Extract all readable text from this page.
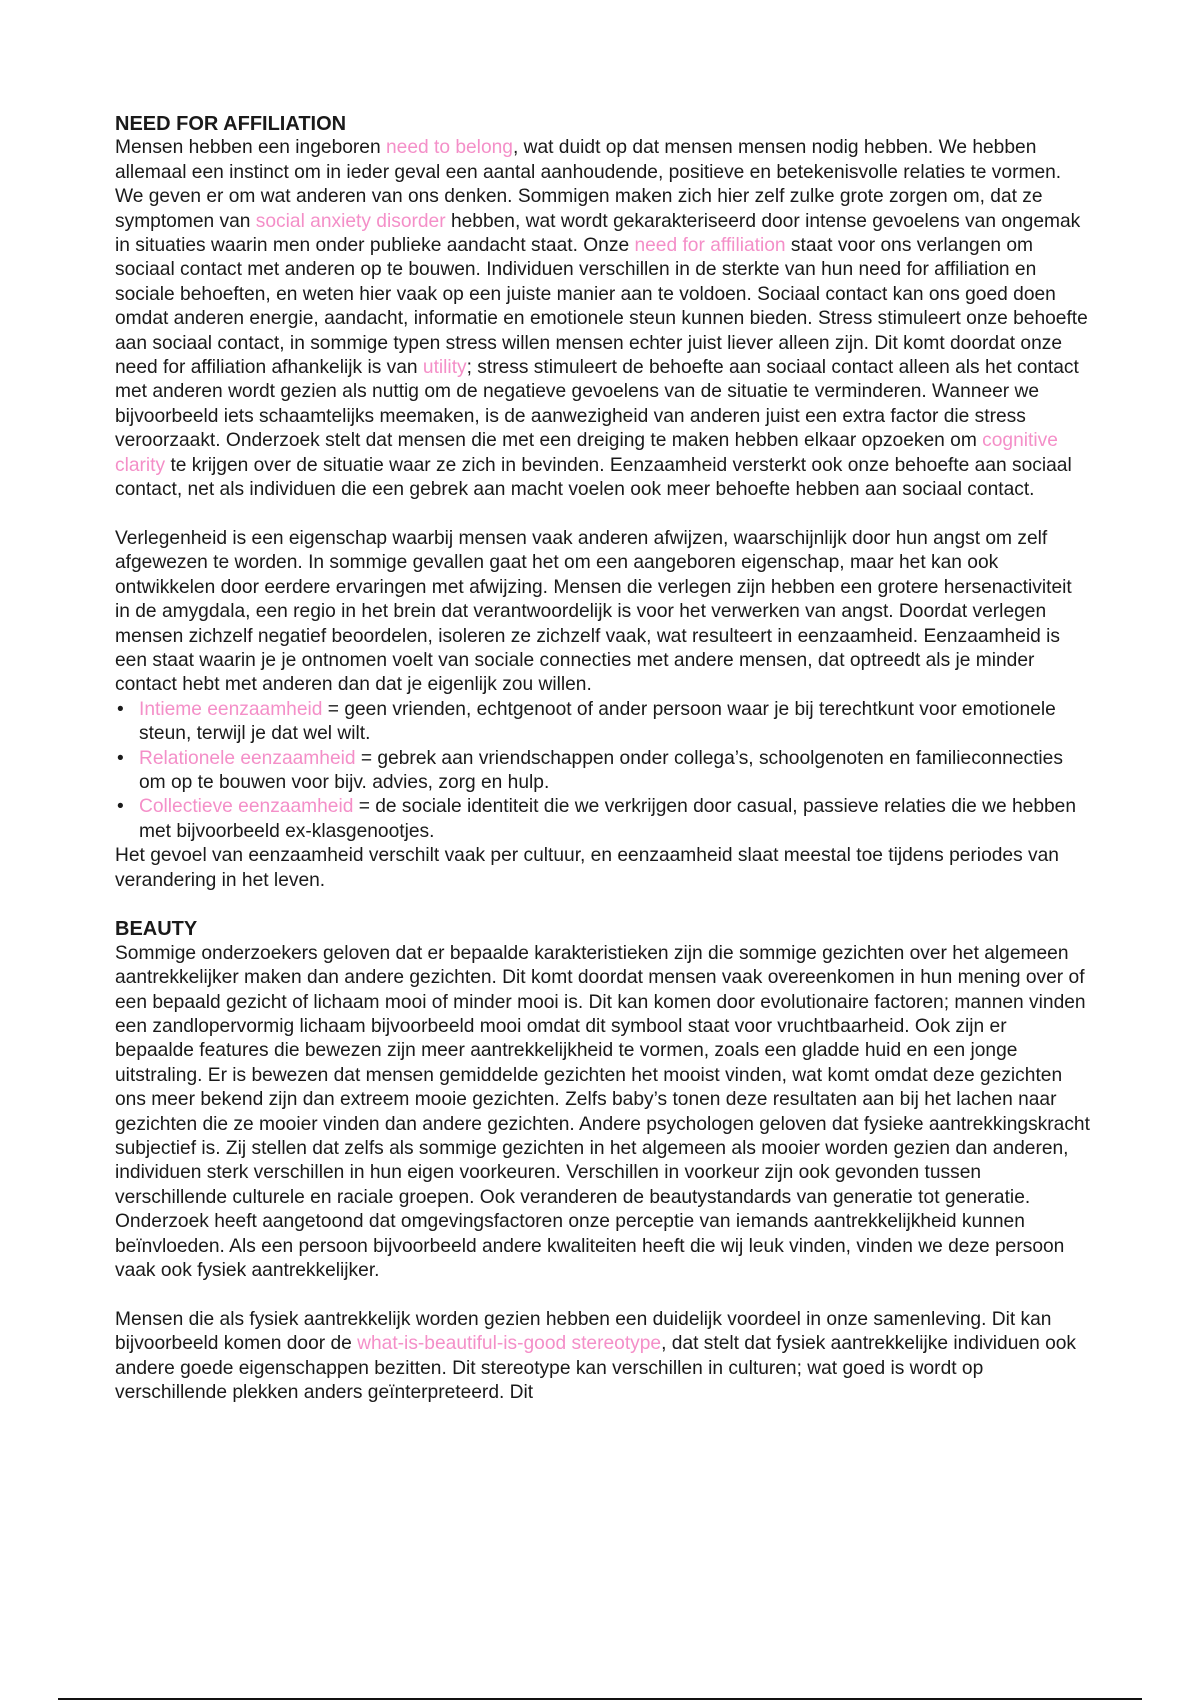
NEED FOR AFFILIATION

Mensen hebben een ingeboren need to belong, wat duidt op dat mensen mensen nodig hebben. We hebben allemaal een instinct om in ieder geval een aantal aanhoudende, positieve en betekenisvolle relaties te vormen. We geven er om wat anderen van ons denken. Sommigen maken zich hier zelf zulke grote zorgen om, dat ze symptomen van social anxiety disorder hebben, wat wordt gekarakteriseerd door intense gevoelens van ongemak in situaties waarin men onder publieke aandacht staat. Onze need for affiliation staat voor ons verlangen om sociaal contact met anderen op te bouwen. Individuen verschillen in de sterkte van hun need for affiliation en sociale behoeften, en weten hier vaak op een juiste manier aan te voldoen. Sociaal contact kan ons goed doen omdat anderen energie, aandacht, informatie en emotionele steun kunnen bieden. Stress stimuleert onze behoefte aan sociaal contact, in sommige typen stress willen mensen echter juist liever alleen zijn. Dit komt doordat onze need for affiliation afhankelijk is van utility; stress stimuleert de behoefte aan sociaal contact alleen als het contact met anderen wordt gezien als nuttig om de negatieve gevoelens van de situatie te verminderen. Wanneer we bijvoorbeeld iets schaamtelijks meemaken, is de aanwezigheid van anderen juist een extra factor die stress veroorzaakt. Onderzoek stelt dat mensen die met een dreiging te maken hebben elkaar opzoeken om cognitive clarity te krijgen over de situatie waar ze zich in bevinden. Eenzaamheid versterkt ook onze behoefte aan sociaal contact, net als individuen die een gebrek aan macht voelen ook meer behoefte hebben aan sociaal contact.

Verlegenheid is een eigenschap waarbij mensen vaak anderen afwijzen, waarschijnlijk door hun angst om zelf afgewezen te worden. In sommige gevallen gaat het om een aangeboren eigenschap, maar het kan ook ontwikkelen door eerdere ervaringen met afwijzing. Mensen die verlegen zijn hebben een grotere hersenactiviteit in de amygdala, een regio in het brein dat verantwoordelijk is voor het verwerken van angst. Doordat verlegen mensen zichzelf negatief beoordelen, isoleren ze zichzelf vaak, wat resulteert in eenzaamheid. Eenzaamheid is een staat waarin je je ontnomen voelt van sociale connecties met andere mensen, dat optreedt als je minder contact hebt met anderen dan dat je eigenlijk zou willen.

• Intieme eenzaamheid = geen vrienden, echtgenoot of ander persoon waar je bij terechtkunt voor emotionele steun, terwijl je dat wel wilt.
• Relationele eenzaamheid = gebrek aan vriendschappen onder collega’s, schoolgenoten en familieconnecties om op te bouwen voor bijv. advies, zorg en hulp.
• Collectieve eenzaamheid = de sociale identiteit die we verkrijgen door casual, passieve relaties die we hebben met bijvoorbeeld ex-klasgenootjes.

Het gevoel van eenzaamheid verschilt vaak per cultuur, en eenzaamheid slaat meestal toe tijdens periodes van verandering in het leven.

BEAUTY

Sommige onderzoekers geloven dat er bepaalde karakteristieken zijn die sommige gezichten over het algemeen aantrekkelijker maken dan andere gezichten. Dit komt doordat mensen vaak overeenkomen in hun mening over of een bepaald gezicht of lichaam mooi of minder mooi is. Dit kan komen door evolutionaire factoren; mannen vinden een zandlopervormig lichaam bijvoorbeeld mooi omdat dit symbool staat voor vruchtbaarheid. Ook zijn er bepaalde features die bewezen zijn meer aantrekkelijkheid te vormen, zoals een gladde huid en een jonge uitstraling. Er is bewezen dat mensen gemiddelde gezichten het mooist vinden, wat komt omdat deze gezichten ons meer bekend zijn dan extreem mooie gezichten. Zelfs baby’s tonen deze resultaten aan bij het lachen naar gezichten die ze mooier vinden dan andere gezichten. Andere psychologen geloven dat fysieke aantrekkingskracht subjectief is. Zij stellen dat zelfs als sommige gezichten in het algemeen als mooier worden gezien dan anderen, individuen sterk verschillen in hun eigen voorkeuren. Verschillen in voorkeur zijn ook gevonden tussen verschillende culturele en raciale groepen. Ook veranderen de beautystandards van generatie tot generatie. Onderzoek heeft aangetoond dat omgevingsfactoren onze perceptie van iemands aantrekkelijkheid kunnen beïnvloeden. Als een persoon bijvoorbeeld andere kwaliteiten heeft die wij leuk vinden, vinden we deze persoon vaak ook fysiek aantrekkelijker.

Mensen die als fysiek aantrekkelijk worden gezien hebben een duidelijk voordeel in onze samenleving. Dit kan bijvoorbeeld komen door de what-is-beautiful-is-good stereotype, dat stelt dat fysiek aantrekkelijke individuen ook andere goede eigenschappen bezitten. Dit stereotype kan verschillen in culturen; wat goed is wordt op verschillende plekken anders geïnterpreteerd. Dit
